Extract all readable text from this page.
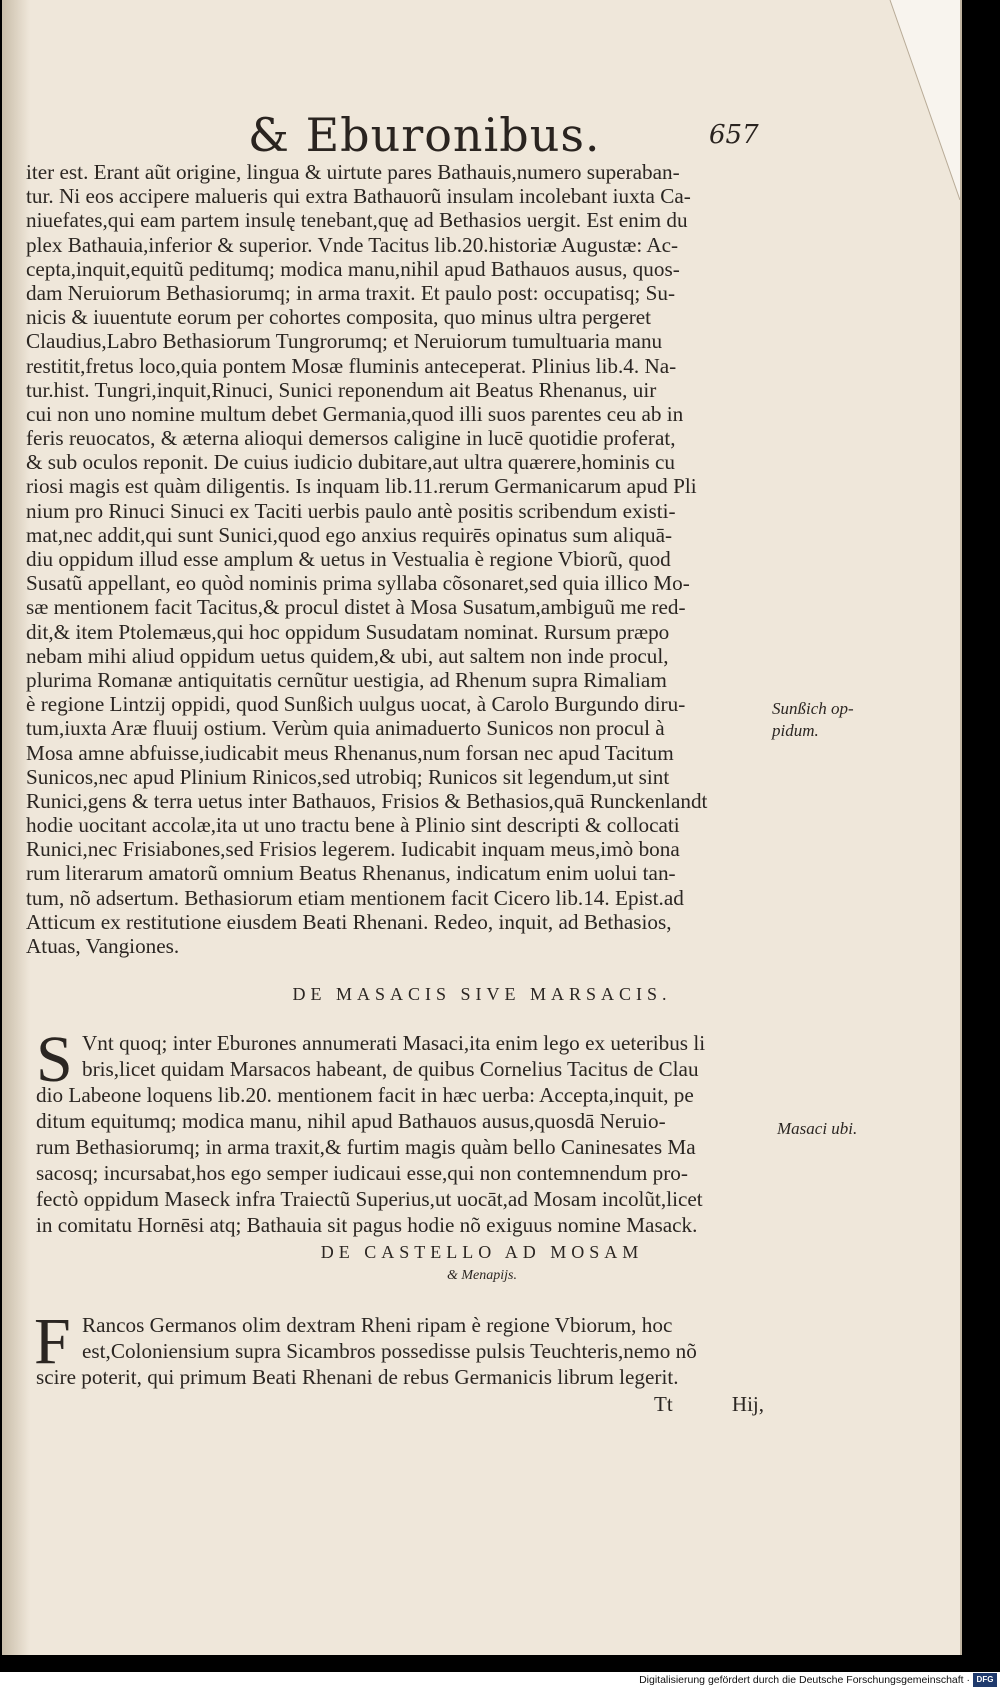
& Eburonibus.	657
iter est. Erant aũt origine, lingua & uirtute pares Bathauis,numero superaban-
tur. Ni eos accipere malueris qui extra Bathauorũ insulam incolebant iuxta Ca-
niuefates,qui eam partem insulę tenebant,quę ad Bethasios uergit. Est enim du
plex Bathauia,inferior & superior. Vnde Tacitus lib.20.historiæ Augustæ: Ac-
cepta,inquit,equitũ peditumq; modica manu,nihil apud Bathauos ausus, quos-
dam Neruiorum Bethasiorumq; in arma traxit. Et paulo post: occupatisq; Su-
nicis & iuuentute eorum per cohortes composita, quo minus ultra pergeret
Claudius,Labro Bethasiorum Tungrorumq; et Neruiorum tumultuaria manu
restitit,fretus loco,quia pontem Mosæ fluminis anteceperat. Plinius lib.4. Na-
tur.hist. Tungri,inquit,Rinuci, Sunici reponendum ait Beatus Rhenanus, uir
cui non uno nomine multum debet Germania,quod illi suos parentes ceu ab in
feris reuocatos, & æterna alioqui demersos caligine in lucē quotidie proferat,
& sub oculos reponit. De cuius iudicio dubitare,aut ultra quærere,hominis cu
riosi magis est quàm diligentis. Is inquam lib.11.rerum Germanicarum apud Pli
nium pro Rinuci Sinuci ex Taciti uerbis paulo antè positis scribendum existi-
mat,nec addit,qui sunt Sunici,quod ego anxius requirēs opinatus sum aliquā-
diu oppidum illud esse amplum & uetus in Vestualia è regione Vbiorũ, quod
Susatũ appellant, eo quòd nominis prima syllaba cõsonaret,sed quia illico Mo-
sæ mentionem facit Tacitus,& procul distet à Mosa Susatum,ambiguũ me red-
dit,& item Ptolemæus,qui hoc oppidum Susudatam nominat. Rursum præpo
nebam mihi aliud oppidum uetus quidem,& ubi, aut saltem non inde procul,
plurima Romanæ antiquitatis cernũtur uestigia, ad Rhenum supra Rimaliam
è regione Lintzij oppidi, quod Sunßich uulgus uocat, à Carolo Burgundo diru-
tum,iuxta Aræ fluuij ostium. Verùm quia animaduerto Sunicos non procul à
Mosa amne abfuisse,iudicabit meus Rhenanus,num forsan nec apud Tacitum
Sunicos,nec apud Plinium Rinicos,sed utrobiq; Runicos sit legendum,ut sint
Runici,gens & terra uetus inter Bathauos, Frisios & Bethasios,quā Runckenlandt
hodie uocitant accolæ,ita ut uno tractu bene à Plinio sint descripti & collocati
Runici,nec Frisiabones,sed Frisios legerem. Iudicabit inquam meus,imò bona
rum literarum amatorũ omnium Beatus Rhenanus, indicatum enim uolui tan-
tum, nõ adsertum. Bethasiorum etiam mentionem facit Cicero lib.14. Epist.ad
Atticum ex restitutione eiusdem Beati Rhenani. Redeo, inquit, ad Bethasios,
Atuas, Vangiones.
Sunßich op-
pidum.
Masaci ubi.
DE MASACIS SIVE MARSACIS.
S Vnt quoq; inter Eburones annumerati Masaci,ita enim lego ex ueteribus li
bris,licet quidam Marsacos habeant, de quibus Cornelius Tacitus de Clau
dio Labeone loquens lib.20. mentionem facit in hæc uerba: Accepta,inquit, pe
ditum equitumq; modica manu, nihil apud Bathauos ausus,quosdā Neruio-
rum Bethasiorumq; in arma traxit,& furtim magis quàm bello Caninesates Ma
sacosq; incursabat,hos ego semper iudicaui esse,qui non contemnendum pro-
fectò oppidum Maseck infra Traiectũ Superius,ut uocāt,ad Mosam incolũt,licet
in comitatu Hornēsi atq; Bathauia sit pagus hodie nõ exiguus nomine Masack.
DE CASTELLO AD MOSAM
& Menapijs.
F Rancos Germanos olim dextram Rheni ripam è regione Vbiorum, hoc
est,Coloniensium supra Sicambros possedisse pulsis Teuchteris,nemo nõ
scire poterit, qui primum Beati Rhenani de rebus Germanicis librum legerit.
Tt	Hij,
Digitalisierung gefördert durch die Deutsche Forschungsgemeinschaft · DFG
